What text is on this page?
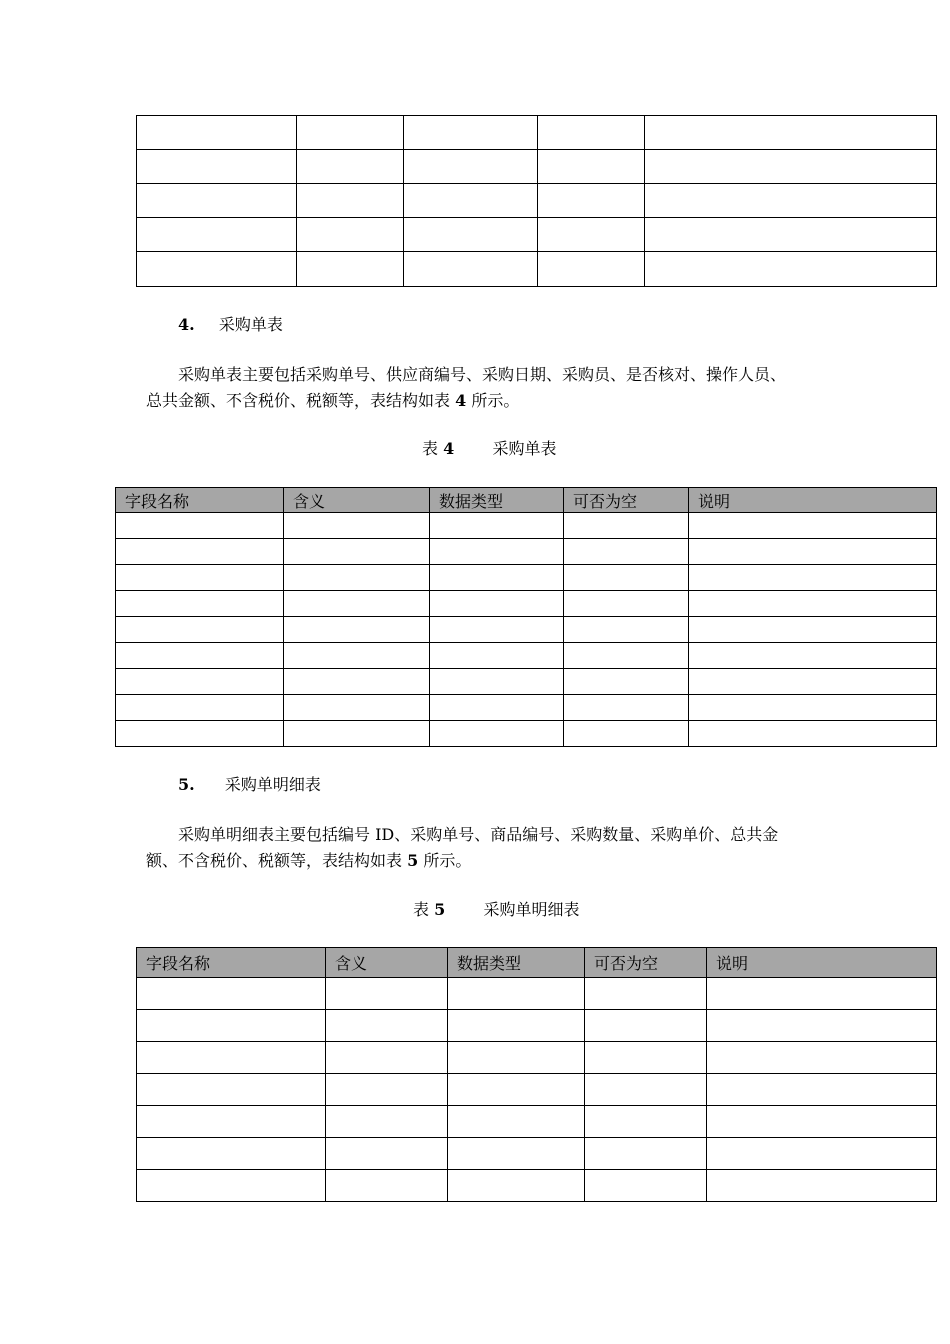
4. 采购单表
采购单表主要包括采购单号、供应商编号、采购日期、采购员、是否核对、操作人员、
总共金额、不含税价、税额等，表结构如表 4 所示。
表 4 采购单表
字段名称	含义	数据类型	可否为空	说明

5. 采购单明细表
采购单明细表主要包括编号 ID、采购单号、商品编号、采购数量、采购单价、总共金
额、不含税价、税额等，表结构如表 5 所示。
表 5 采购单明细表
字段名称	含义	数据类型	可否为空	说明
